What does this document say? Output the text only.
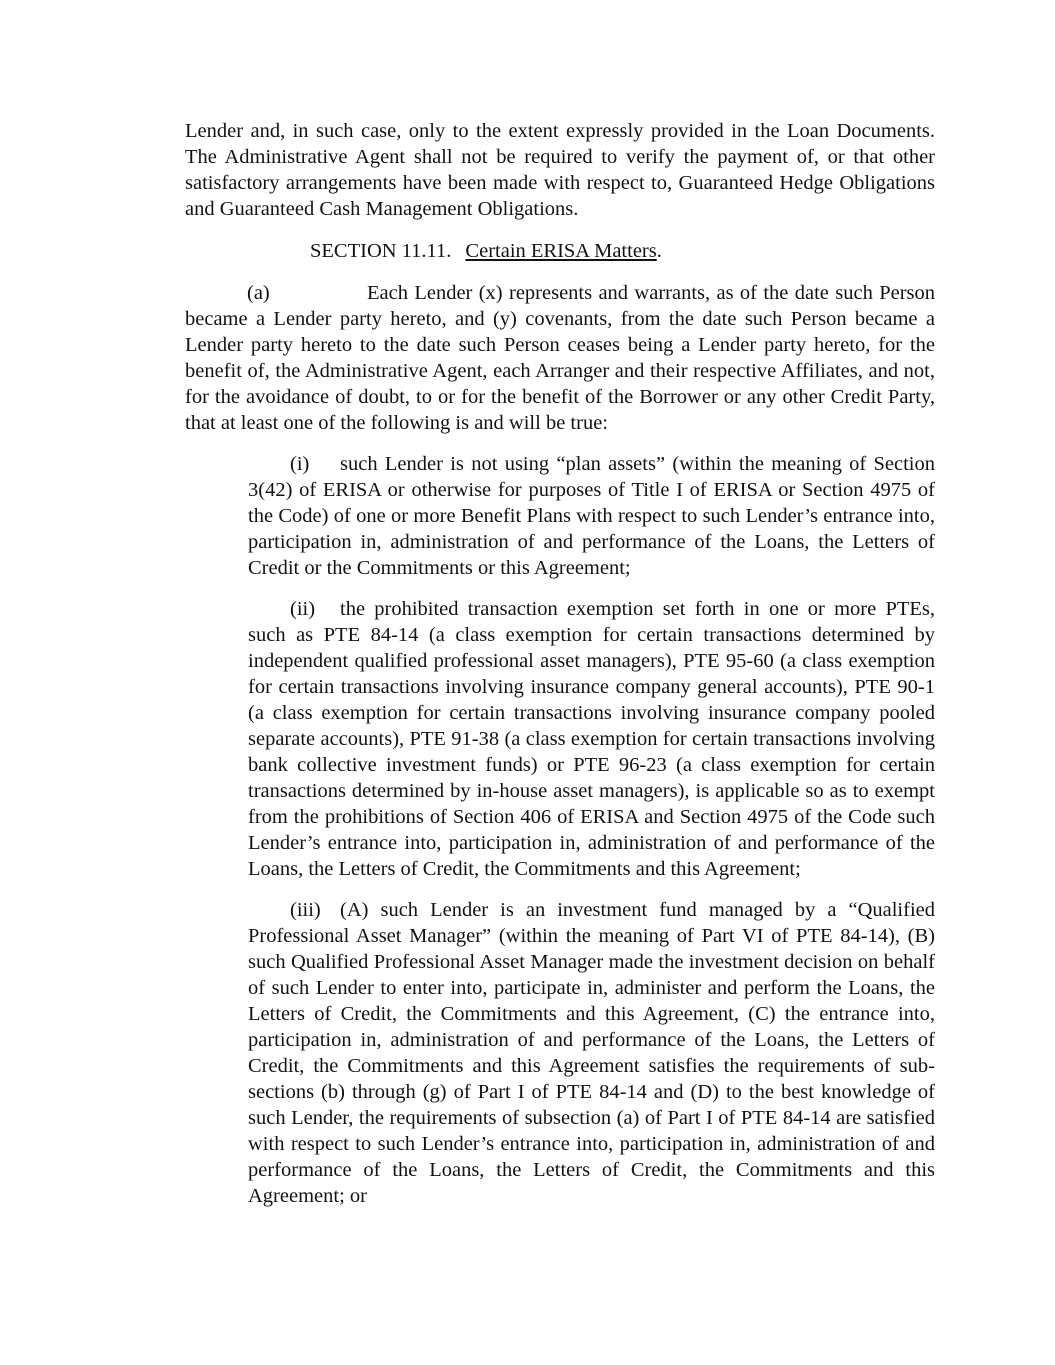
Lender and, in such case, only to the extent expressly provided in the Loan Documents. The Administrative Agent shall not be required to verify the payment of, or that other satisfactory arrangements have been made with respect to, Guaranteed Hedge Obligations and Guaranteed Cash Management Obligations.

SECTION 11.11. Certain ERISA Matters.

(a)	Each Lender (x) represents and warrants, as of the date such Person became a Lender party hereto, and (y) covenants, from the date such Person became a Lender party hereto to the date such Person ceases being a Lender party hereto, for the benefit of, the Administrative Agent, each Arranger and their respective Affiliates, and not, for the avoidance of doubt, to or for the benefit of the Borrower or any other Credit Party, that at least one of the following is and will be true:

(i) such Lender is not using “plan assets” (within the meaning of Section 3(42) of ERISA or otherwise for purposes of Title I of ERISA or Section 4975 of the Code) of one or more Benefit Plans with respect to such Lender’s entrance into, participation in, administration of and performance of the Loans, the Letters of Credit or the Commitments or this Agreement;

(ii) the prohibited transaction exemption set forth in one or more PTEs, such as PTE 84-14 (a class exemption for certain transactions determined by independent qualified professional asset managers), PTE 95-60 (a class exemption for certain transactions involving insurance company general accounts), PTE 90-1 (a class exemption for certain transactions involving insurance company pooled separate accounts), PTE 91-38 (a class exemption for certain transactions involving bank collective investment funds) or PTE 96-23 (a class exemption for certain transactions determined by in-house asset managers), is applicable so as to exempt from the prohibitions of Section 406 of ERISA and Section 4975 of the Code such Lender’s entrance into, participation in, administration of and performance of the Loans, the Letters of Credit, the Commitments and this Agreement;

(iii) (A) such Lender is an investment fund managed by a “Qualified Professional Asset Manager” (within the meaning of Part VI of PTE 84-14), (B) such Qualified Professional Asset Manager made the investment decision on behalf of such Lender to enter into, participate in, administer and perform the Loans, the Letters of Credit, the Commitments and this Agreement, (C) the entrance into, participation in, administration of and performance of the Loans, the Letters of Credit, the Commitments and this Agreement satisfies the requirements of sub-sections (b) through (g) of Part I of PTE 84-14 and (D) to the best knowledge of such Lender, the requirements of subsection (a) of Part I of PTE 84-14 are satisfied with respect to such Lender’s entrance into, participation in, administration of and performance of the Loans, the Letters of Credit, the Commitments and this Agreement; or
